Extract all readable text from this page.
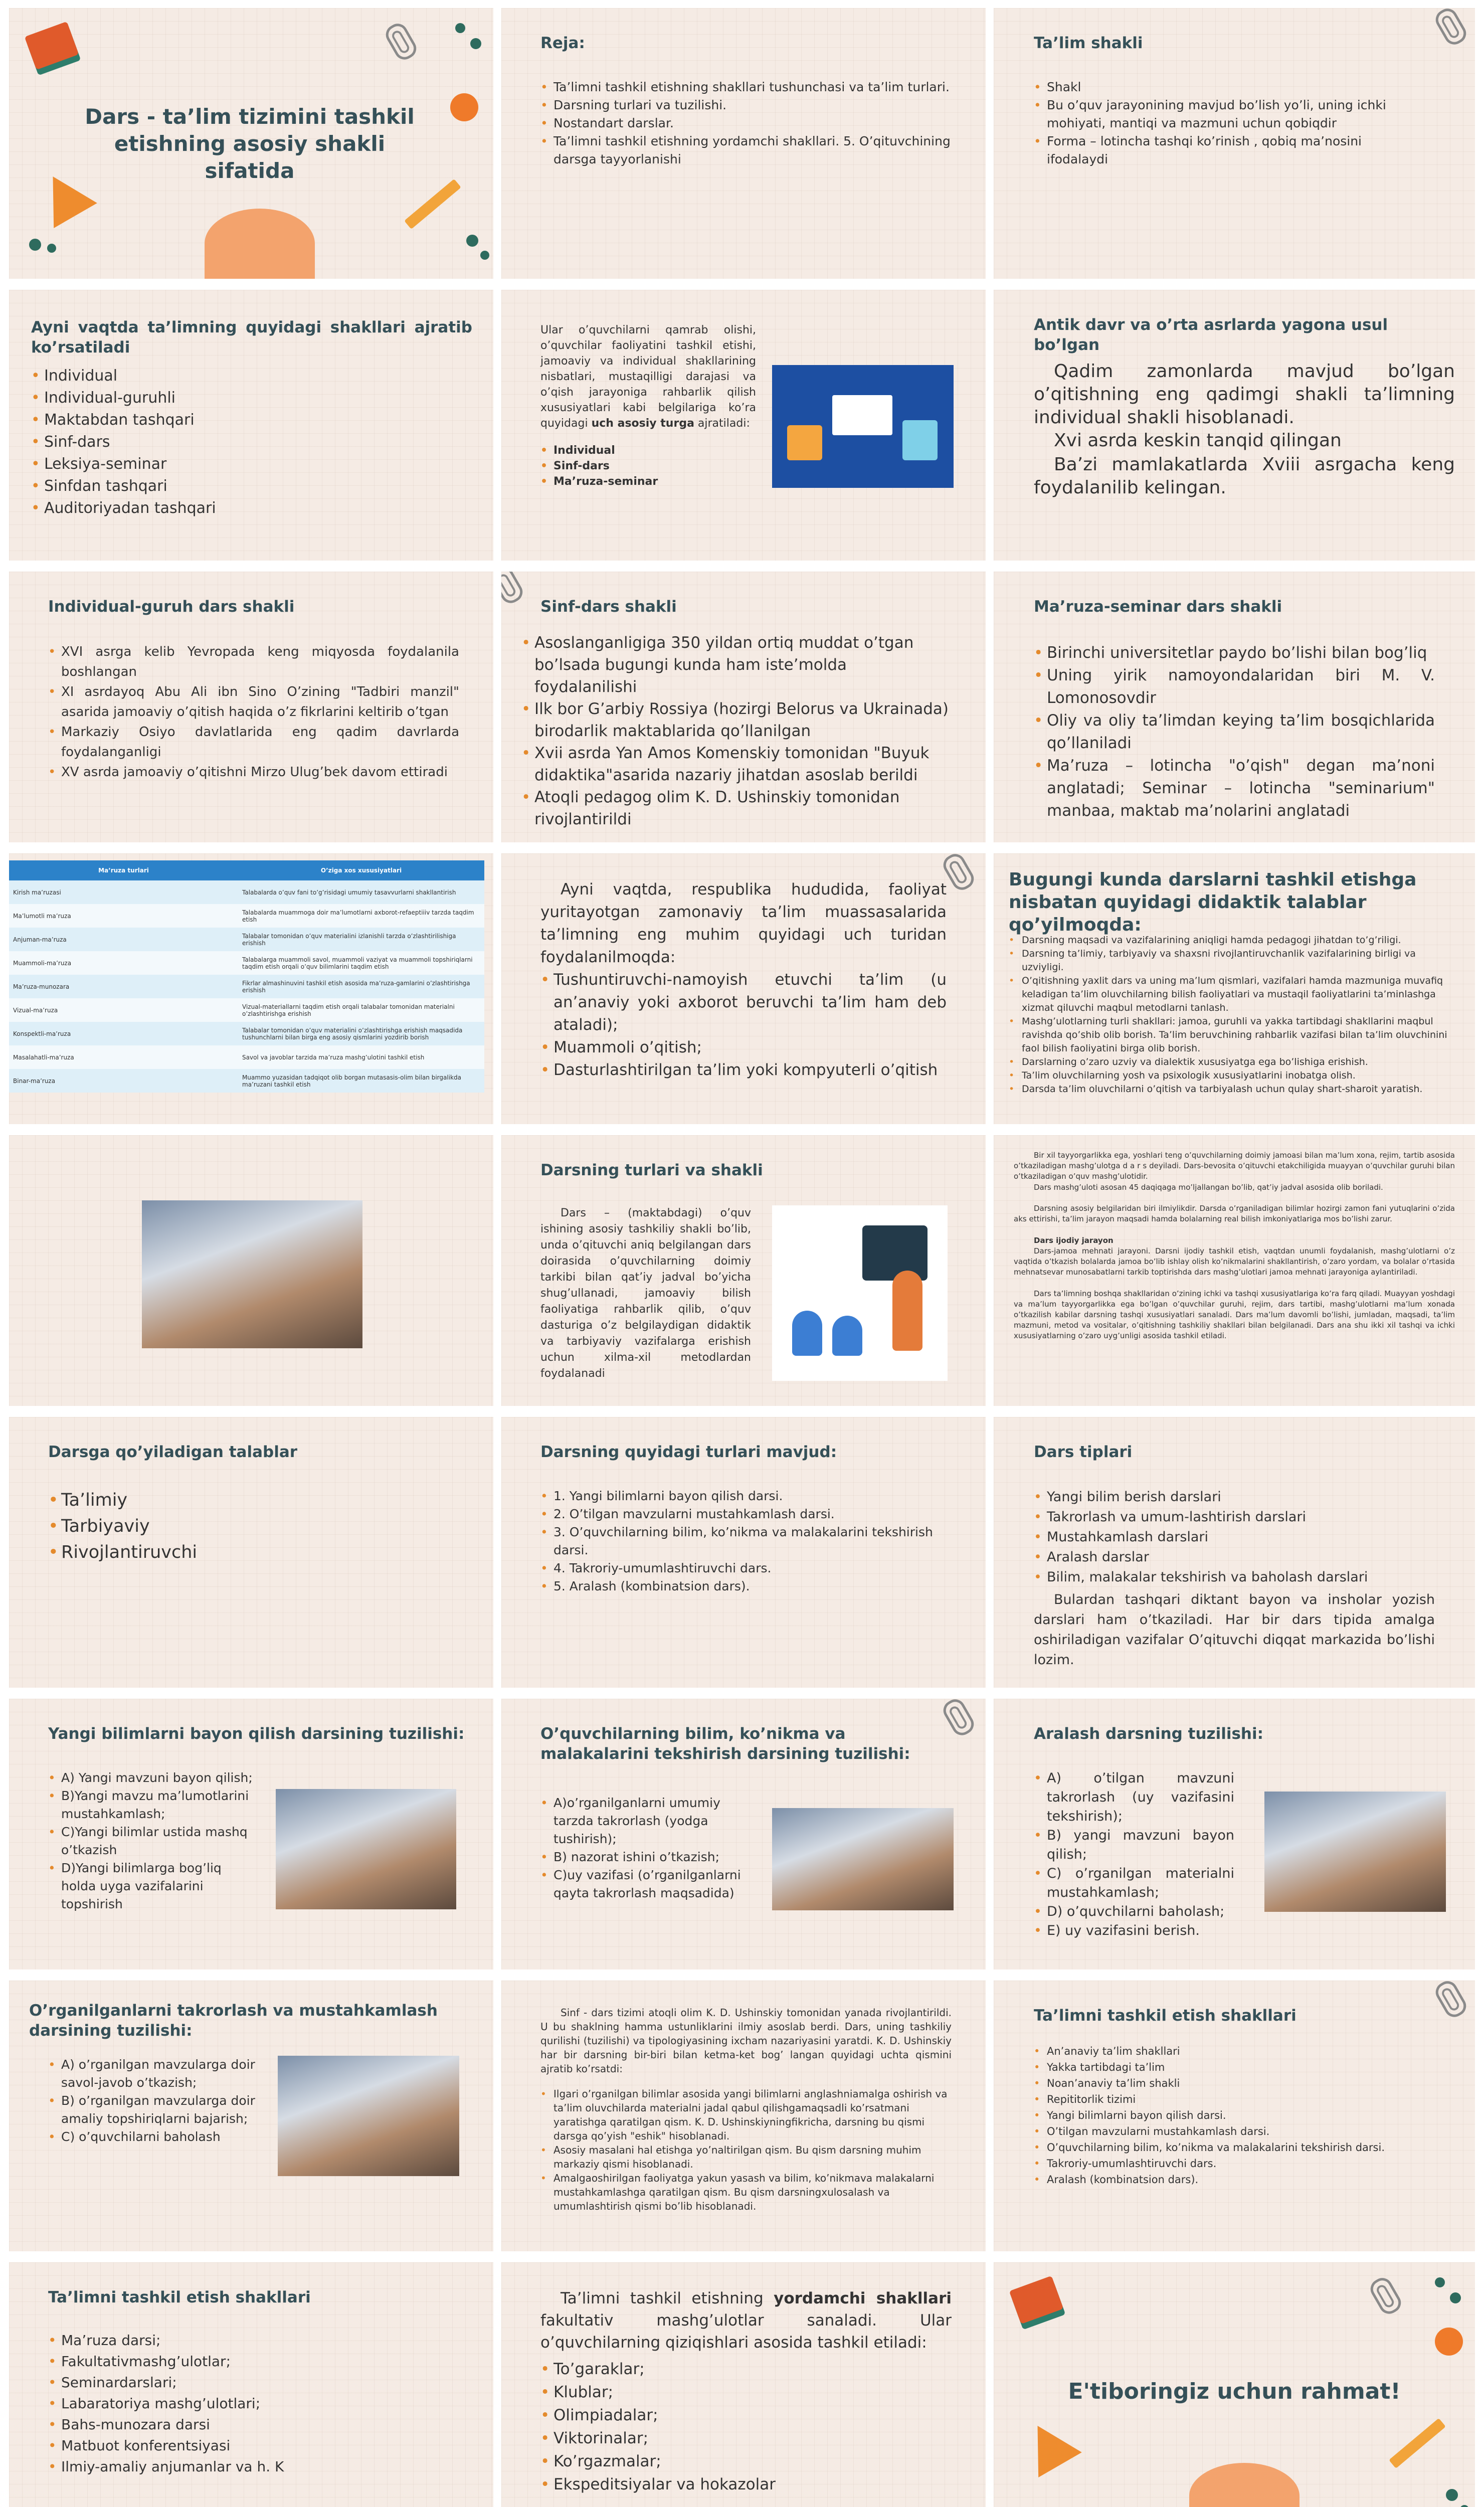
Dars - ta’lim tizimini tashkil etishning asosiy shakli sifatida
Reja:
• Ta’limni tashkil etishning shakllari tushunchasi va ta’lim turlari.
• Darsning turlari va tuzilishi.
• Nostandart darslar.
• Ta’limni tashkil etishning yordamchi shakllari. 5. O’qituvchining darsga tayyorlanishi
Ta’lim shakli
• Shakl
• Bu o’quv jarayonining mavjud bo’lish yo’li, uning ichki mohiyati, mantiqi va mazmuni uchun qobiqdir
• Forma – lotincha tashqi ko’rinish , qobiq ma’nosini ifodalaydi
Ayni vaqtda ta’limning quyidagi shakllari ajratib ko’rsatiladi
• Individual
• Individual-guruhli
• Maktabdan tashqari
• Sinf-dars
• Leksiya-seminar
• Sinfdan tashqari
• Auditoriyadan tashqari
Ular o’quvchilarni qamrab olishi, o’quvchilar faoliyatini tashkil etishi, jamoaviy va individual shakllarining nisbatlari, mustaqilligi darajasi va o’qish jarayoniga rahbarlik qilish xususiyatlari kabi belgilariga ko’ra quyidagi uch asosiy turga ajratiladi:
• Individual
• Sinf-dars
• Ma’ruza-seminar
Antik davr va o’rta asrlarda yagona usul bo’lgan
Qadim zamonlarda mavjud bo’lgan o’qitishning eng qadimgi shakli ta’limning individual shakli hisoblanadi.
Xvi asrda keskin tanqid qilingan
Ba’zi mamlakatlarda Xviii asrgacha keng foydalanilib kelingan.
Individual-guruh dars shakli
• XVI asrga kelib Yevropada keng miqyosda foydalanila boshlangan
• XI asrdayoq Abu Ali ibn Sino O’zining "Tadbiri manzil" asarida jamoaviy o’qitish haqida o’z fikrlarini keltirib o’tgan
• Markaziy Osiyo davlatlarida eng qadim davrlarda foydalanganligi
• XV asrda jamoaviy o’qitishni Mirzo Ulug’bek davom ettiradi
Sinf-dars shakli
• Asoslanganligiga 350 yildan ortiq muddat o’tgan bo’lsada bugungi kunda ham iste’molda foydalanilishi
• Ilk bor G’arbiy Rossiya (hozirgi Belorus va Ukrainada) birodarlik maktablarida qo’llanilgan
• Xvii asrda Yan Amos Komenskiy tomonidan "Buyuk didaktika"asarida nazariy jihatdan asoslab berildi
• Atoqli pedagog olim K. D. Ushinskiy tomonidan rivojlantirildi
Ma’ruza-seminar dars shakli
• Birinchi universitetlar paydo bo’lishi bilan bog’liq
• Uning yirik namoyondalaridan biri M. V. Lomonosovdir
• Oliy va oliy ta’limdan keying ta’lim bosqichlarida qo’llaniladi
• Ma’ruza – lotincha "o’qish" degan ma’noni anglatadi; Seminar – lotincha "seminarium" manbaa, maktab ma’nolarini anglatadi
Ma’ruza turlari	O’ziga xos xususiyatlari
Kirish ma’ruzasi	Talabalarda o’quv fani to’g’risidagi umumiy tasavvurlarni shakllantirish
Ma’lumotli ma’ruza	Talabalarda muammoga doir ma’lumotlarni axborot-refaeptiiiv tarzda taqdim etish
Anjuman-ma’ruza	Talabalar tomonidan o’quv materialini izlanishli tarzda o’zlashtirilishiga erishish
Muammoli-ma’ruza	Talabalarga muammoli savol, muammoli vaziyat va muammoli topshiriqlarni taqdim etish orqali o’quv bilimlarini taqdim etish
Ma’ruza-munozara	Fikrlar almashinuvini tashkil etish asosida ma’ruza-gamlarini o’zlashtirishga erishish
Vizual-ma’ruza	Vizual-materiallarni taqdim etish orqali talabalar tomonidan materialni o’zlashtirishga erishish
Konspektli-ma’ruza	Talabalar tomonidan o’quv materialini o’zlashtirishga erishish maqsadida tushunchlarni bilan birga eng asosiy qismlarini yozdirib borish
Masalahatli-ma’ruza	Savol va javoblar tarzida ma’ruza mashg’ulotini tashkil etish
Binar-ma’ruza	Muammo yuzasidan tadqiqot olib borgan mutasasis-olim bilan birgalikda ma’ruzani tashkil etish
Ayni vaqtda, respublika hududida, faoliyat yuritayotgan zamonaviy ta’lim muassasalarida ta’limning eng muhim quyidagi uch turidan foydalanilmoqda:
• Tushuntiruvchi-namoyish etuvchi ta’lim (u an’anaviy yoki axborot beruvchi ta’lim ham deb ataladi);
• Muammoli o’qitish;
• Dasturlashtirilgan ta’lim yoki kompyuterli o’qitish
Bugungi kunda darslarni tashkil etishga nisbatan quyidagi didaktik talablar qo’yilmoqda:
• Darsning maqsadi va vazifalarining aniqligi hamda pedagogi jihatdan to’g’riligi.
• Darsning ta’limiy, tarbiyaviy va shaxsni rivojlantiruvchanlik vazifalarining birligi va uzviyligi.
• O’qitishning yaxlit dars va uning ma’lum qismlari, vazifalari hamda mazmuniga muvafiq keladigan ta’lim oluvchilarning bilish faoliyatlari va mustaqil faoliyatlarini ta’minlashga xizmat qiluvchi maqbul metodlarni tanlash.
• Mashg’ulotlarning turli shakllari: jamoa, guruhli va yakka tartibdagi shakllarini maqbul ravishda qo’shib olib borish. Ta’lim beruvchining rahbarlik vazifasi bilan ta’lim oluvchinini faol bilish faoliyatini birga olib borish.
• Darslarning o’zaro uzviy va dialektik xususiyatga ega bo’lishiga erishish.
• Ta’lim oluvchilarning yosh va psixologik xususiyatlarini inobatga olish.
• Darsda ta’lim oluvchilarni o’qitish va tarbiyalash uchun qulay shart-sharoit yaratish.
Darsning turlari va shakli
Dars – (maktabdagi) o’quv ishining asosiy tashkiliy shakli bo’lib, unda o’qituvchi aniq belgilangan dars doirasida o’quvchilarning doimiy tarkibi bilan qat’iy jadval bo’yicha shug’ullanadi, jamoaviy bilish faoliyatiga rahbarlik qilib, o’quv dasturiga o’z belgilaydigan didaktik va tarbiyaviy vazifalarga erishish uchun xilma-xil metodlardan foydalanadi
Bir xil tayyorgarlikka ega, yoshlari teng o’quvchilarning doimiy jamoasi bilan ma’lum xona, rejim, tartib asosida o’tkaziladigan mashg’ulotga d a r s deyiladi. Dars-bevosita o’qituvchi etakchiligida muayyan o’quvchilar guruhi bilan o’tkaziladigan o’quv mashg’ulotidir.
Dars mashg’uloti asosan 45 daqiqaga mo’ljallangan bo’lib, qat’iy jadval asosida olib boriladi.
Darsning asosiy belgilaridan biri ilmiylikdir. Darsda o’rganiladigan bilimlar hozirgi zamon fani yutuqlarini o’zida aks ettirishi, ta’lim jarayon maqsadi hamda bolalarning real bilish imkoniyatlariga mos bo’lishi zarur.
Dars ijodiy jarayon
Dars-jamoa mehnati jarayoni. Darsni ijodiy tashkil etish, vaqtdan unumli foydalanish, mashg’ulotlarni o’z vaqtida o’tkazish bolalarda jamoa bo’lib ishlay olish ko’nikmalarini shakllantirish, o’zaro yordam, va bolalar o’rtasida mehnatsevar munosabatlarni tarkib toptirishda dars mashg’ulotlari jamoa mehnati jarayoniga aylantiriladi.
Dars ta’limning boshqa shakllaridan o’zining ichki va tashqi xususiyatlariga ko’ra farq qiladi. Muayyan yoshdagi va ma’lum tayyorgarlikka ega bo’lgan o’quvchilar guruhi, rejim, dars tartibi, mashg’ulotlarni ma’lum xonada o’tkazilish kabilar darsning tashqi xususiyatlari sanaladi. Dars ma’lum davomli bo’lishi, jumladan, maqsadi, ta’lim mazmuni, metod va vositalar, o’qitishning tashkiliy shakllari bilan belgilanadi. Dars ana shu ikki xil tashqi va ichki xususiyatlarning o’zaro uyg’unligi asosida tashkil etiladi.
Darsga qo’yiladigan talablar
• Ta’limiy
• Tarbiyaviy
• Rivojlantiruvchi
Darsning quyidagi turlari mavjud:
• 1. Yangi bilimlarni bayon qilish darsi.
• 2. O’tilgan mavzularni mustahkamlash darsi.
• 3. O’quvchilarning bilim, ko’nikma va malakalarini tekshirish darsi.
• 4. Takroriy-umumlashtiruvchi dars.
• 5. Aralash (kombinatsion dars).
Dars tiplari
• Yangi bilim berish darslari
• Takrorlash va umum-lashtirish darslari
• Mustahkamlash darslari
• Aralash darslar
• Bilim, malakalar tekshirish va baholash darslari
Bulardan tashqari diktant bayon va insholar yozish darslari ham o’tkaziladi. Har bir dars tipida amalga oshiriladigan vazifalar O’qituvchi diqqat markazida bo’lishi lozim.
Yangi bilimlarni bayon qilish darsining tuzilishi:
• A) Yangi mavzuni bayon qilish;
• B)Yangi mavzu ma’lumotlarini mustahkamlash;
• C)Yangi bilimlar ustida mashq o’tkazish
• D)Yangi bilimlarga bog’liq holda uyga vazifalarini topshirish
O’quvchilarning bilim, ko’nikma va malakalarini tekshirish darsining tuzilishi:
• A)o’rganilganlarni umumiy tarzda takrorlash (yodga tushirish);
• B) nazorat ishini o’tkazish;
• C)uy vazifasi (o’rganilganlarni qayta takrorlash maqsadida)
Aralash darsning tuzilishi:
• A) o’tilgan mavzuni takrorlash (uy vazifasini tekshirish);
• B) yangi mavzuni bayon qilish;
• C) o’rganilgan materialni mustahkamlash;
• D) o’quvchilarni baholash;
• E) uy vazifasini berish.
O’rganilganlarni takrorlash va mustahkamlash darsining tuzilishi:
• A) o’rganilgan mavzularga doir savol-javob o’tkazish;
• B) o’rganilgan mavzularga doir amaliy topshiriqlarni bajarish;
• C) o’quvchilarni baholash
Sinf - dars tizimi atoqli olim K. D. Ushinskiy tomonidan yanada rivojlantirildi. U bu shaklning hamma ustunliklarini ilmiy asoslab berdi. Dars, uning tashkiliy qurilishi (tuzilishi) va tipologiyasining ixcham nazariyasini yaratdi. K. D. Ushinskiy har bir darsning bir-biri bilan ketma-ket bog’ langan quyidagi uchta qismini ajratib ko’rsatdi:
• Ilgari o’rganilgan bilimlar asosida yangi bilimlarni anglashniamalga oshirish va ta’lim oluvchilarda materialni jadal qabul qilishgamaqsadli ko’rsatmani yaratishga qaratilgan qism. K. D. Ushinskiyningfikricha, darsning bu qismi darsga qo’yish "eshik" hisoblanadi.
• Asosiy masalani hal etishga yo’naltirilgan qism. Bu qism darsning muhim markaziy qismi hisoblanadi.
• Amalgaoshirilgan faoliyatga yakun yasash va bilim, ko’nikmava malakalarni mustahkamlashga qaratilgan qism. Bu qism darsningxulosalash va umumlashtirish qismi bo’lib hisoblanadi.
Ta’limni tashkil etish shakllari
• An’anaviy ta’lim shakllari
• Yakka tartibdagi ta’lim
• Noan’anaviy ta’lim shakli
• Repititorlik tizimi
• Yangi bilimlarni bayon qilish darsi.
• O’tilgan mavzularni mustahkamlash darsi.
• O’quvchilarning bilim, ko’nikma va malakalarini tekshirish darsi.
• Takroriy-umumlashtiruvchi dars.
• Aralash (kombinatsion dars).
Ta’limni tashkil etish shakllari
• Ma’ruza darsi;
• Fakultativmashg’ulotlar;
• Seminardarslari;
• Labaratoriya mashg’ulotlari;
• Bahs-munozara darsi
• Matbuot konferentsiyasi
• Ilmiy-amaliy anjumanlar va h. K
Ta’limni tashkil etishning yordamchi shakllari fakultativ mashg’ulotlar sanaladi. Ular o’quvchilarning qiziqishlari asosida tashkil etiladi:
• To’garaklar;
• Klublar;
• Olimpiadalar;
• Viktorinalar;
• Ko’rgazmalar;
• Ekspeditsiyalar va hokazolar
E'tiboringiz uchun rahmat!
